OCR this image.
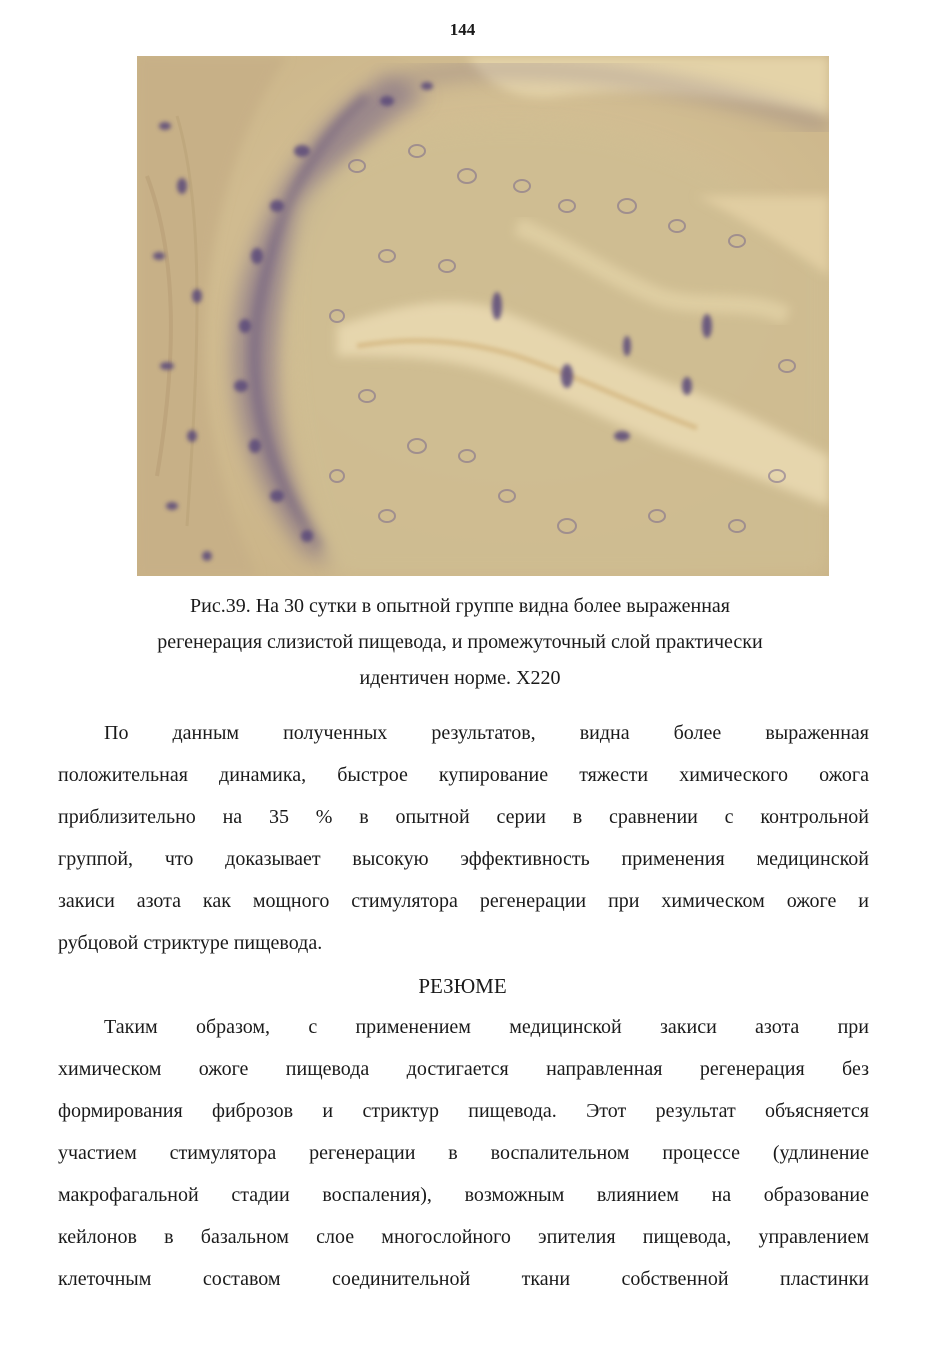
144
Рис.39. На 30 сутки в опытной группе видна более выраженная
регенерация слизистой пищевода, и промежуточный слой практически
идентичен норме. Х220
По данным полученных результатов, видна более выраженная
положительная динамика, быстрое купирование тяжести химического ожога
приблизительно на 35 % в опытной серии в сравнении с контрольной
группой, что доказывает высокую эффективность применения медицинской
закиси азота как мощного стимулятора регенерации при химическом ожоге и
рубцовой стриктуре пищевода.
РЕЗЮМЕ
Таким образом, с применением медицинской закиси азота при
химическом ожоге пищевода достигается направленная регенерация без
формирования фиброзов и стриктур пищевода. Этот результат объясняется
участием стимулятора регенерации в воспалительном процессе (удлинение
макрофагальной стадии воспаления), возможным влиянием на образование
кейлонов в базальном слое многослойного эпителия пищевода, управлением
клеточным составом соединительной ткани собственной пластинки
